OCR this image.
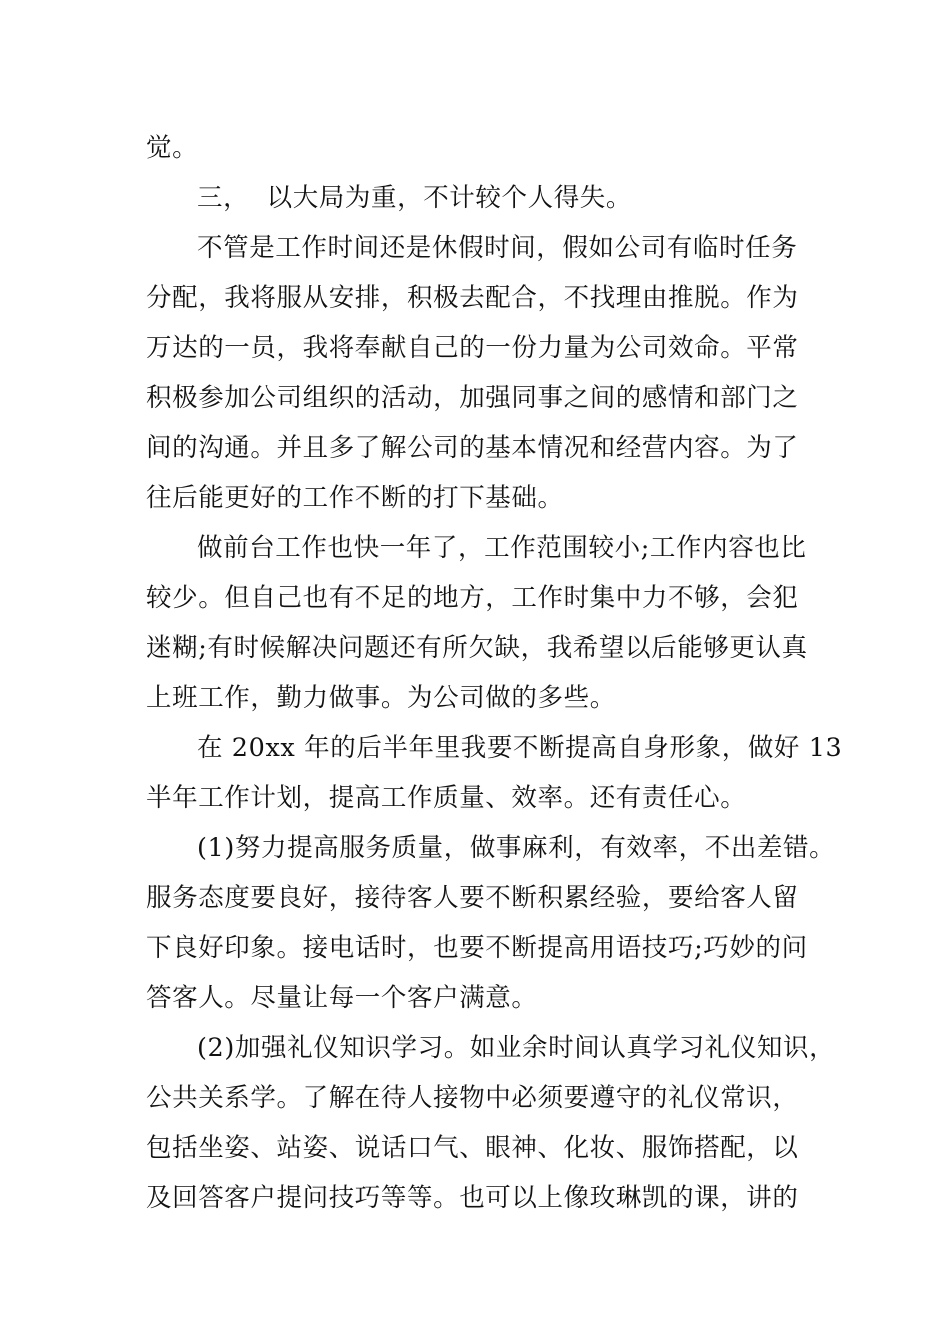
觉。
三，  以大局为重，不计较个人得失。
不管是工作时间还是休假时间，假如公司有临时任务
分配，我将服从安排，积极去配合，不找理由推脱。作为
万达的一员，我将奉献自己的一份力量为公司效命。平常
积极参加公司组织的活动，加强同事之间的感情和部门之
间的沟通。并且多了解公司的基本情况和经营内容。为了
往后能更好的工作不断的打下基础。
做前台工作也快一年了，工作范围较小;工作内容也比
较少。但自己也有不足的地方，工作时集中力不够，会犯
迷糊;有时候解决问题还有所欠缺，我希望以后能够更认真
上班工作，勤力做事。为公司做的多些。
在 20xx 年的后半年里我要不断提高自身形象，做好 13
半年工作计划，提高工作质量、效率。还有责任心。
(1)努力提高服务质量，做事麻利，有效率，不出差错。
服务态度要良好，接待客人要不断积累经验，要给客人留
下良好印象。接电话时，也要不断提高用语技巧;巧妙的问
答客人。尽量让每一个客户满意。
(2)加强礼仪知识学习。如业余时间认真学习礼仪知识，
公共关系学。了解在待人接物中必须要遵守的礼仪常识，
包括坐姿、站姿、说话口气、眼神、化妆、服饰搭配，以
及回答客户提问技巧等等。也可以上像玫琳凯的课，讲的
